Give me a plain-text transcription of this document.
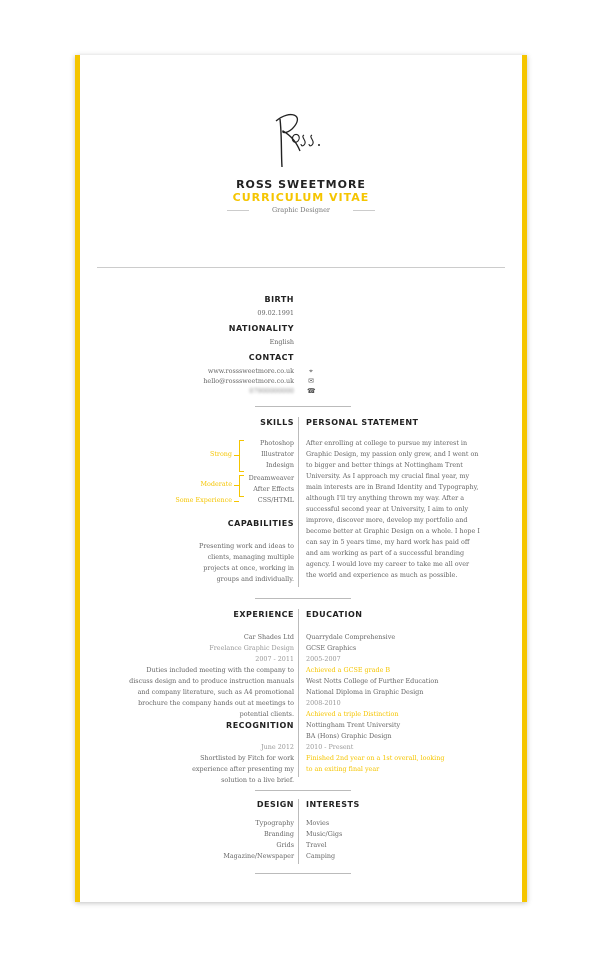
ROSS SWEETMORE
CURRICULUM VITAE
Graphic Designer
BIRTH
09.02.1991
NATIONALITY
English
CONTACT
www.rosssweetmore.co.uk ⌖
hello@rosssweetmore.co.uk ✉
07900000000 ☎
SKILLS PERSONAL STATEMENT
Photoshop
Illustrator
Indesign
Dreamweaver
After Effects
CSS/HTML
Strong
Moderate
Some Experience
After enrolling at college to pursue my interest in Graphic Design, my passion only grew, and I went on to bigger and better things at Nottingham Trent University. As I approach my crucial final year, my main interests are in Brand Identity and Typography, although I'll try anything thrown my way. After a successful second year at University, I aim to only improve, discover more, develop my portfolio and become better at Graphic Design on a whole. I hope I can say in 5 years time, my hard work has paid off and am working as part of a successful branding agency. I would love my career to take me all over the world and experience as much as possible.
CAPABILITIES
Presenting work and ideas to clients, managing multiple projects at once, working in groups and individually.
EXPERIENCE EDUCATION
Car Shades Ltd
Freelance Graphic Design
2007 - 2011
Duties included meeting with the company to discuss design and to produce instruction manuals and company literature, such as A4 promotional brochure the company hands out at meetings to potential clients.
Quarrydale Comprehensive
GCSE Graphics
2005-2007
Achieved a GCSE grade B
West Notts College of Further Education
National Diploma in Graphic Design
2008-2010
Achieved a triple Distinction
Nottingham Trent University
BA (Hons) Graphic Design
2010 - Present
Finished 2nd year on a 1st overall, looking
to an exiting final year
RECOGNITION
June 2012
Shortlisted by Fitch for work experience after presenting my solution to a live brief.
DESIGN INTERESTS
Typography
Branding
Grids
Magazine/Newspaper
Movies
Music/Gigs
Travel
Camping
